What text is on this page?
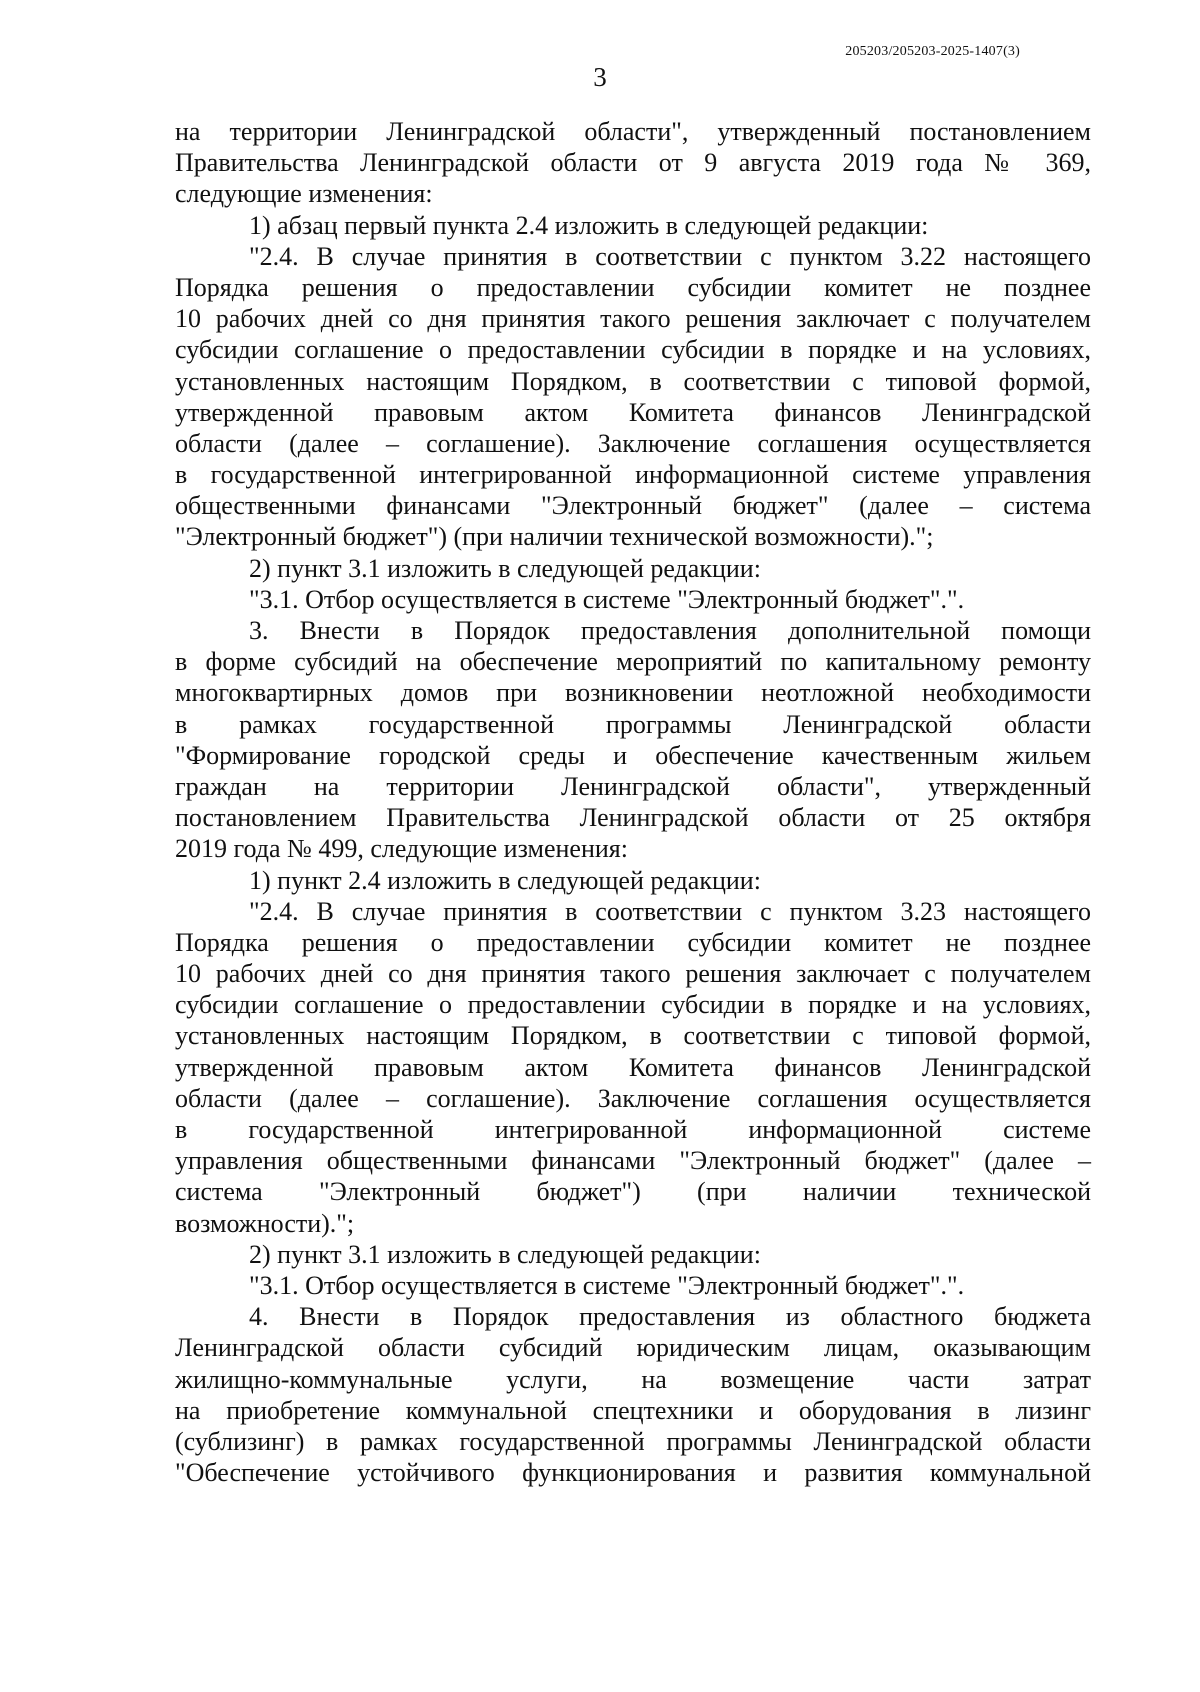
205203/205203-2025-1407(3)
3
на территории Ленинградской области", утвержденный постановлением
Правительства Ленинградской области от 9 августа 2019 года № 369,
следующие изменения:
1) абзац первый пункта 2.4 изложить в следующей редакции:
"2.4. В случае принятия в соответствии с пунктом 3.22 настоящего
Порядка решения о предоставлении субсидии комитет не позднее
10 рабочих дней со дня принятия такого решения заключает с получателем
субсидии соглашение о предоставлении субсидии в порядке и на условиях,
установленных настоящим Порядком, в соответствии с типовой формой,
утвержденной правовым актом Комитета финансов Ленинградской
области (далее – соглашение). Заключение соглашения осуществляется
в государственной интегрированной информационной системе управления
общественными финансами "Электронный бюджет" (далее – система
"Электронный бюджет") (при наличии технической возможности).";
2) пункт 3.1 изложить в следующей редакции:
"3.1. Отбор осуществляется в системе "Электронный бюджет".".
3. Внести в Порядок предоставления дополнительной помощи
в форме субсидий на обеспечение мероприятий по капитальному ремонту
многоквартирных домов при возникновении неотложной необходимости
в рамках государственной программы Ленинградской области
"Формирование городской среды и обеспечение качественным жильем
граждан на территории Ленинградской области", утвержденный
постановлением Правительства Ленинградской области от 25 октября
2019 года № 499, следующие изменения:
1) пункт 2.4 изложить в следующей редакции:
"2.4. В случае принятия в соответствии с пунктом 3.23 настоящего
Порядка решения о предоставлении субсидии комитет не позднее
10 рабочих дней со дня принятия такого решения заключает с получателем
субсидии соглашение о предоставлении субсидии в порядке и на условиях,
установленных настоящим Порядком, в соответствии с типовой формой,
утвержденной правовым актом Комитета финансов Ленинградской
области (далее – соглашение). Заключение соглашения осуществляется
в государственной интегрированной информационной системе
управления общественными финансами "Электронный бюджет" (далее –
система "Электронный бюджет") (при наличии технической
возможности).";
2) пункт 3.1 изложить в следующей редакции:
"3.1. Отбор осуществляется в системе "Электронный бюджет".".
4. Внести в Порядок предоставления из областного бюджета
Ленинградской области субсидий юридическим лицам, оказывающим
жилищно-коммунальные услуги, на возмещение части затрат
на приобретение коммунальной спецтехники и оборудования в лизинг
(сублизинг) в рамках государственной программы Ленинградской области
"Обеспечение устойчивого функционирования и развития коммунальной
